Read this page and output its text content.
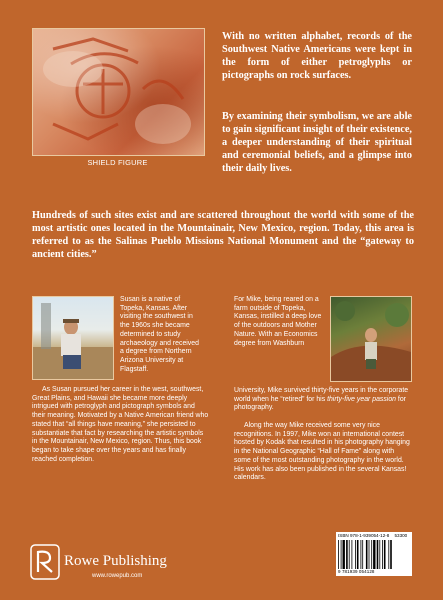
SHIELD FIGURE
With no written alphabet, records of the Southwest Native Americans were kept in the form of either petroglyphs or pictographs on rock surfaces.
By examining their symbolism, we are able to gain significant insight of their existence, a deeper understanding of their spiritual and ceremonial beliefs, and a glimpse into their daily lives.
Hundreds of such sites exist and are scattered throughout the world with some of the most artistic ones located in the Mountainair, New Mexico, region. Today, this area is referred to as the Salinas Pueblo Missions National Monument and the “gateway to ancient cities.”
Susan is a native of Topeka, Kansas. After visiting the southwest in the 1960s she became determined to study archaeology and received a degree from Northern Arizona University at Flagstaff.
As Susan pursued her career in the west, southwest, Great Plains, and Hawaii she became more deeply intrigued with petroglyph and pictograph symbols and their meaning. Motivated by a Native American friend who stated that “all things have meaning,” she persisted to substantiate that fact by researching the artistic symbols in the Mountainair, New Mexico, region. Thus, this book began to take shape over the years and has finally reached completion.
For Mike, being reared on a farm outside of Topeka, Kansas, instilled a deep love of the outdoors and Mother Nature. With an Economics degree from Washburn
University, Mike survived thirty-five years in the corporate world when he “retired” for his thirty-five year passion for photography.
Along the way Mike received some very nice recognitions. In 1997, Mike won an international contest hosted by Kodak that resulted in his photography hanging in the National Geographic “Hall of Fame” along with some of the most outstanding photography in the world. His work has also been published in the several Kansas! calendars.
Rowe Publishing
www.rowepub.com
ISBN 978-1-939054-12-8 53300
9 781939 054128
